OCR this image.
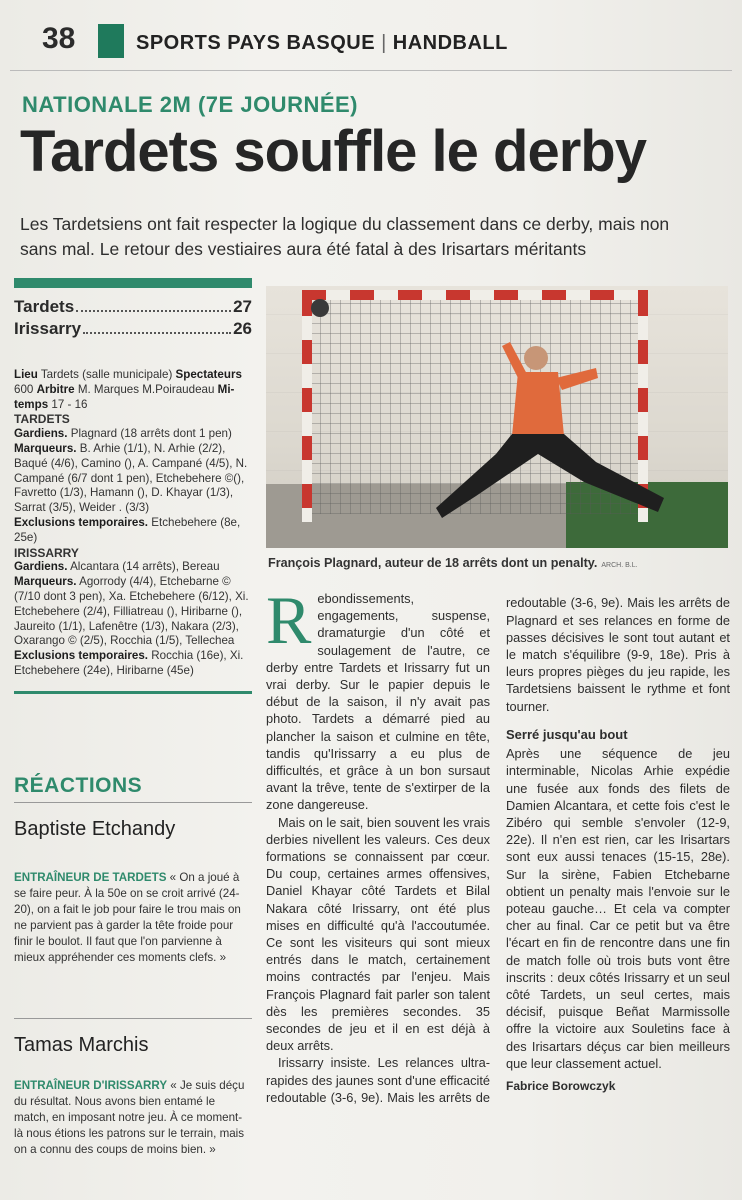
38	SPORTS PAYS BASQUE | HANDBALL
NATIONALE 2M (7E JOURNÉE)
Tardets souffle le derby

Les Tardetsiens ont fait respecter la logique du classement dans ce derby, mais non sans mal. Le retour des vestiaires aura été fatal à des Irisartars méritants

Tardets	27
Irissarry	26

Lieu Tardets (salle municipale) Spectateurs 600 Arbitre M. Marques M.Poiraudeau Mi-temps 17 - 16

TARDETS

Gardiens. Plagnard (18 arrêts dont 1 pen)

Marqueurs. B. Arhie (1/1), N. Arhie (2/2), Baqué (4/6), Camino (), A. Campané (4/5), N. Campané (6/7 dont 1 pen), Etchebehere ©(), Favretto (1/3), Hamann (), D. Khayar (1/3), Sarrat (3/5), Weider . (3/3)

Exclusions temporaires. Etchebehere (8e, 25e)

IRISSARRY

Gardiens. Alcantara (14 arrêts), Bereau

Marqueurs. Agorrody (4/4), Etchebarne © (7/10 dont 3 pen), Xa. Etchebehere (6/12), Xi. Etchebehere (2/4), Filliatreau (), Hiribarne (), Jaureito (1/1), Lafenêtre (1/3), Nakara (2/3), Oxarango © (2/5), Rocchia (1/5), Tellechea

Exclusions temporaires. Rocchia (16e), Xi. Etchebehere (24e), Hiribarne (45e)

RÉACTIONS
Baptiste Etchandy

ENTRAÎNEUR DE TARDETS « On a joué à se faire peur. À la 50e on se croit arrivé (24-20), on a fait le job pour faire le trou mais on ne parvient pas à garder la tête froide pour finir le boulot. Il faut que l'on parvienne à mieux appréhender ces moments clefs. »

Tamas Marchis

ENTRAÎNEUR D'IRISSARRY « Je suis déçu du résultat. Nous avons bien entamé le match, en imposant notre jeu. À ce moment-là nous étions les patrons sur le terrain, mais on a connu des coups de moins bien. »

François Plagnard, auteur de 18 arrêts dont un penalty. ARCH. B.L.

Rebondissements, engagements, suspense, dramaturgie d'un côté et soulagement de l'autre, ce derby entre Tardets et Irissarry fut un vrai derby. Sur le papier depuis le début de la saison, il n'y avait pas photo. Tardets a démarré pied au plancher la saison et culmine en tête, tandis qu'Irissarry a eu plus de difficultés, et grâce à un bon sursaut avant la trêve, tente de s'extirper de la zone dangereuse.

Mais on le sait, bien souvent les vrais derbies nivellent les valeurs. Ces deux formations se connaissent par cœur. Du coup, certaines armes offensives, Daniel Khayar côté Tardets et Bilal Nakara côté Irissarry, ont été plus mises en difficulté qu'à l'accoutumée. Ce sont les visiteurs qui sont mieux entrés dans le match, certainement moins contractés par l'enjeu. Mais François Plagnard fait parler son talent dès les premières secondes. 35 secondes de jeu et il en est déjà à deux arrêts.

Irissarry insiste. Les relances ultra-rapides des jaunes sont d'une efficacité redoutable (3-6, 9e). Mais les arrêts de

redoutable (3-6, 9e). Mais les arrêts de Plagnard et ses relances en forme de passes décisives le sont tout autant et le match s'équilibre (9-9, 18e). Pris à leurs propres pièges du jeu rapide, les Tardetsiens baissent le rythme et font tourner.

Serré jusqu'au bout

Après une séquence de jeu interminable, Nicolas Arhie expédie une fusée aux fonds des filets de Damien Alcantara, et cette fois c'est le Zibéro qui semble s'envoler (12-9, 22e). Il n'en est rien, car les Irisartars sont eux aussi tenaces (15-15, 28e). Sur la sirène, Fabien Etchebarne obtient un penalty mais l'envoie sur le poteau gauche… Et cela va compter cher au final. Car ce petit but va être l'écart en fin de rencontre dans une fin de match folle où trois buts vont être inscrits : deux côtés Irissarry et un seul côté Tardets, un seul certes, mais décisif, puisque Beñat Marmissolle offre la victoire aux Souletins face à des Irisartars déçus car bien meilleurs que leur classement actuel.

Fabrice Borowczyk
